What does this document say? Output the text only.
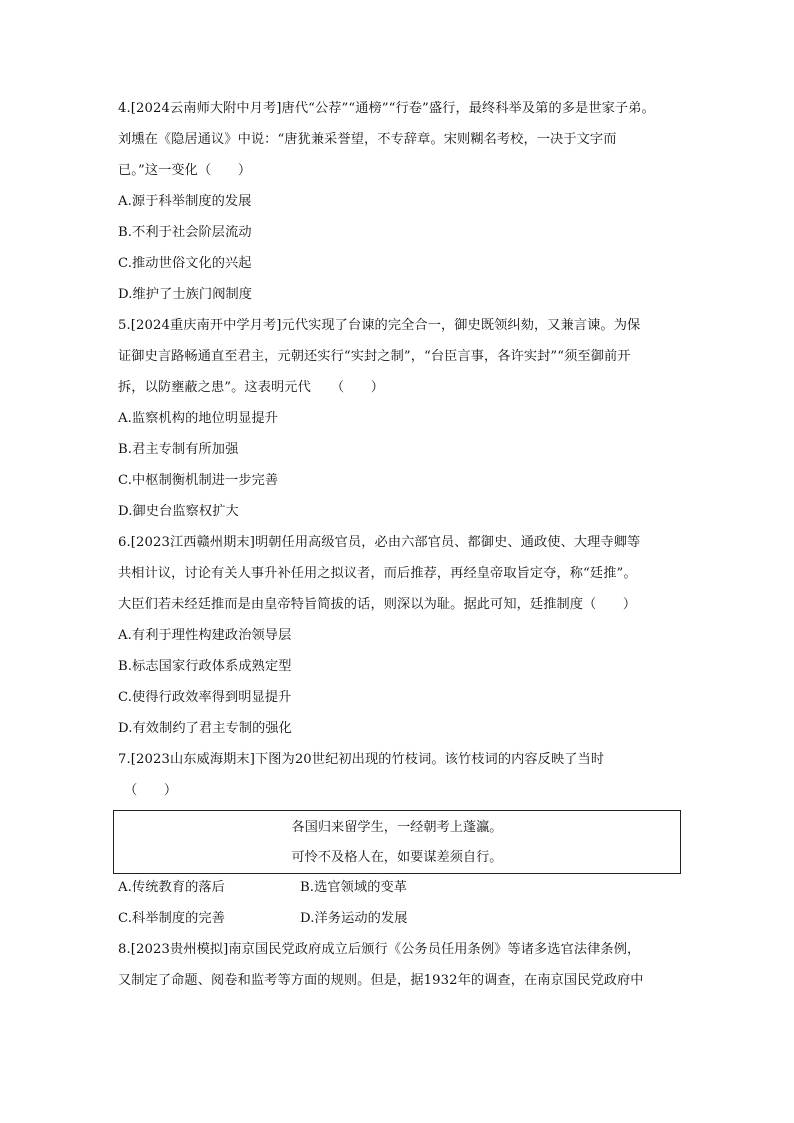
4.[2024云南师大附中月考]唐代“公荐”“通榜”“行卷”盛行，最终科举及第的多是世家子弟。
刘壎在《隐居通议》中说：“唐犹兼采誉望，不专辞章。宋则糊名考校，一决于文字而
已。”这一变化（　　）
A.源于科举制度的发展
B.不利于社会阶层流动
C.推动世俗文化的兴起
D.维护了士族门阀制度
5.[2024重庆南开中学月考]元代实现了台谏的完全合一，御史既领纠劾，又兼言谏。为保
证御史言路畅通直至君主，元朝还实行“实封之制”，“台臣言事，各许实封”“须至御前开
拆，以防壅蔽之患”。这表明元代　　（　　）
A.监察机构的地位明显提升
B.君主专制有所加强
C.中枢制衡机制进一步完善
D.御史台监察权扩大
6.[2023江西赣州期末]明朝任用高级官员，必由六部官员、都御史、通政使、大理寺卿等
共相计议，讨论有关人事升补任用之拟议者，而后推荐，再经皇帝取旨定夺，称“廷推”。
大臣们若未经廷推而是由皇帝特旨简拔的话，则深以为耻。据此可知，廷推制度（　　）
A.有利于理性构建政治领导层
B.标志国家行政体系成熟定型
C.使得行政效率得到明显提升
D.有效制约了君主专制的强化
7.[2023山东威海期末]下图为20世纪初出现的竹枝词。该竹枝词的内容反映了当时
（　　）
各国归来留学生，一经朝考上蓬瀛。
可怜不及格人在，如要谋差须自行。
A.传统教育的落后	B.选官领域的变革
C.科举制度的完善	D.洋务运动的发展
8.[2023贵州模拟]南京国民党政府成立后颁行《公务员任用条例》等诸多选官法律条例，
又制定了命题、阅卷和监考等方面的规则。但是，据1932年的调查，在南京国民党政府中
